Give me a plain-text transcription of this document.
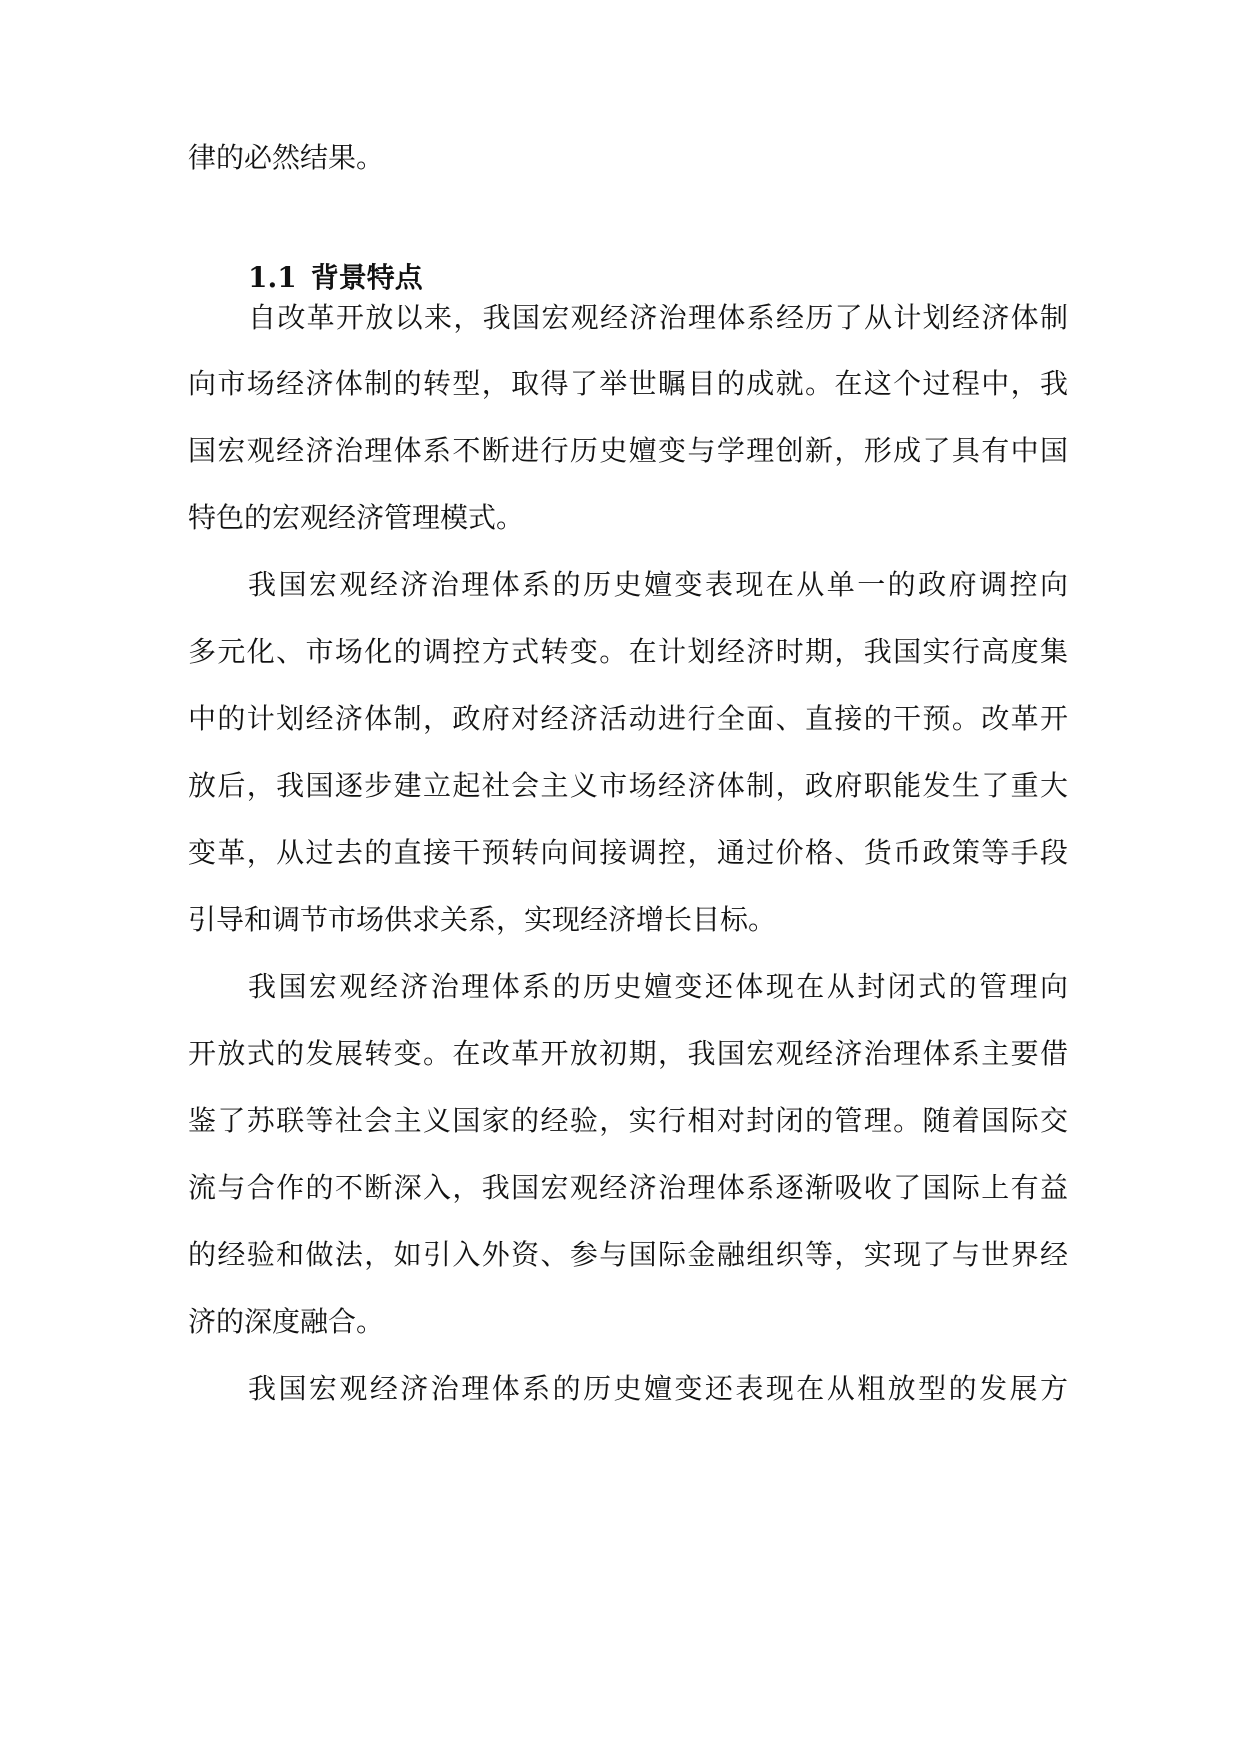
律的必然结果。
1.1 背景特点
自改革开放以来，我国宏观经济治理体系经历了从计划经济体制
向市场经济体制的转型，取得了举世瞩目的成就。在这个过程中，我
国宏观经济治理体系不断进行历史嬗变与学理创新，形成了具有中国
特色的宏观经济管理模式。
我国宏观经济治理体系的历史嬗变表现在从单一的政府调控向
多元化、市场化的调控方式转变。在计划经济时期，我国实行高度集
中的计划经济体制，政府对经济活动进行全面、直接的干预。改革开
放后，我国逐步建立起社会主义市场经济体制，政府职能发生了重大
变革，从过去的直接干预转向间接调控，通过价格、货币政策等手段
引导和调节市场供求关系，实现经济增长目标。
我国宏观经济治理体系的历史嬗变还体现在从封闭式的管理向
开放式的发展转变。在改革开放初期，我国宏观经济治理体系主要借
鉴了苏联等社会主义国家的经验，实行相对封闭的管理。随着国际交
流与合作的不断深入，我国宏观经济治理体系逐渐吸收了国际上有益
的经验和做法，如引入外资、参与国际金融组织等，实现了与世界经
济的深度融合。
我国宏观经济治理体系的历史嬗变还表现在从粗放型的发展方
